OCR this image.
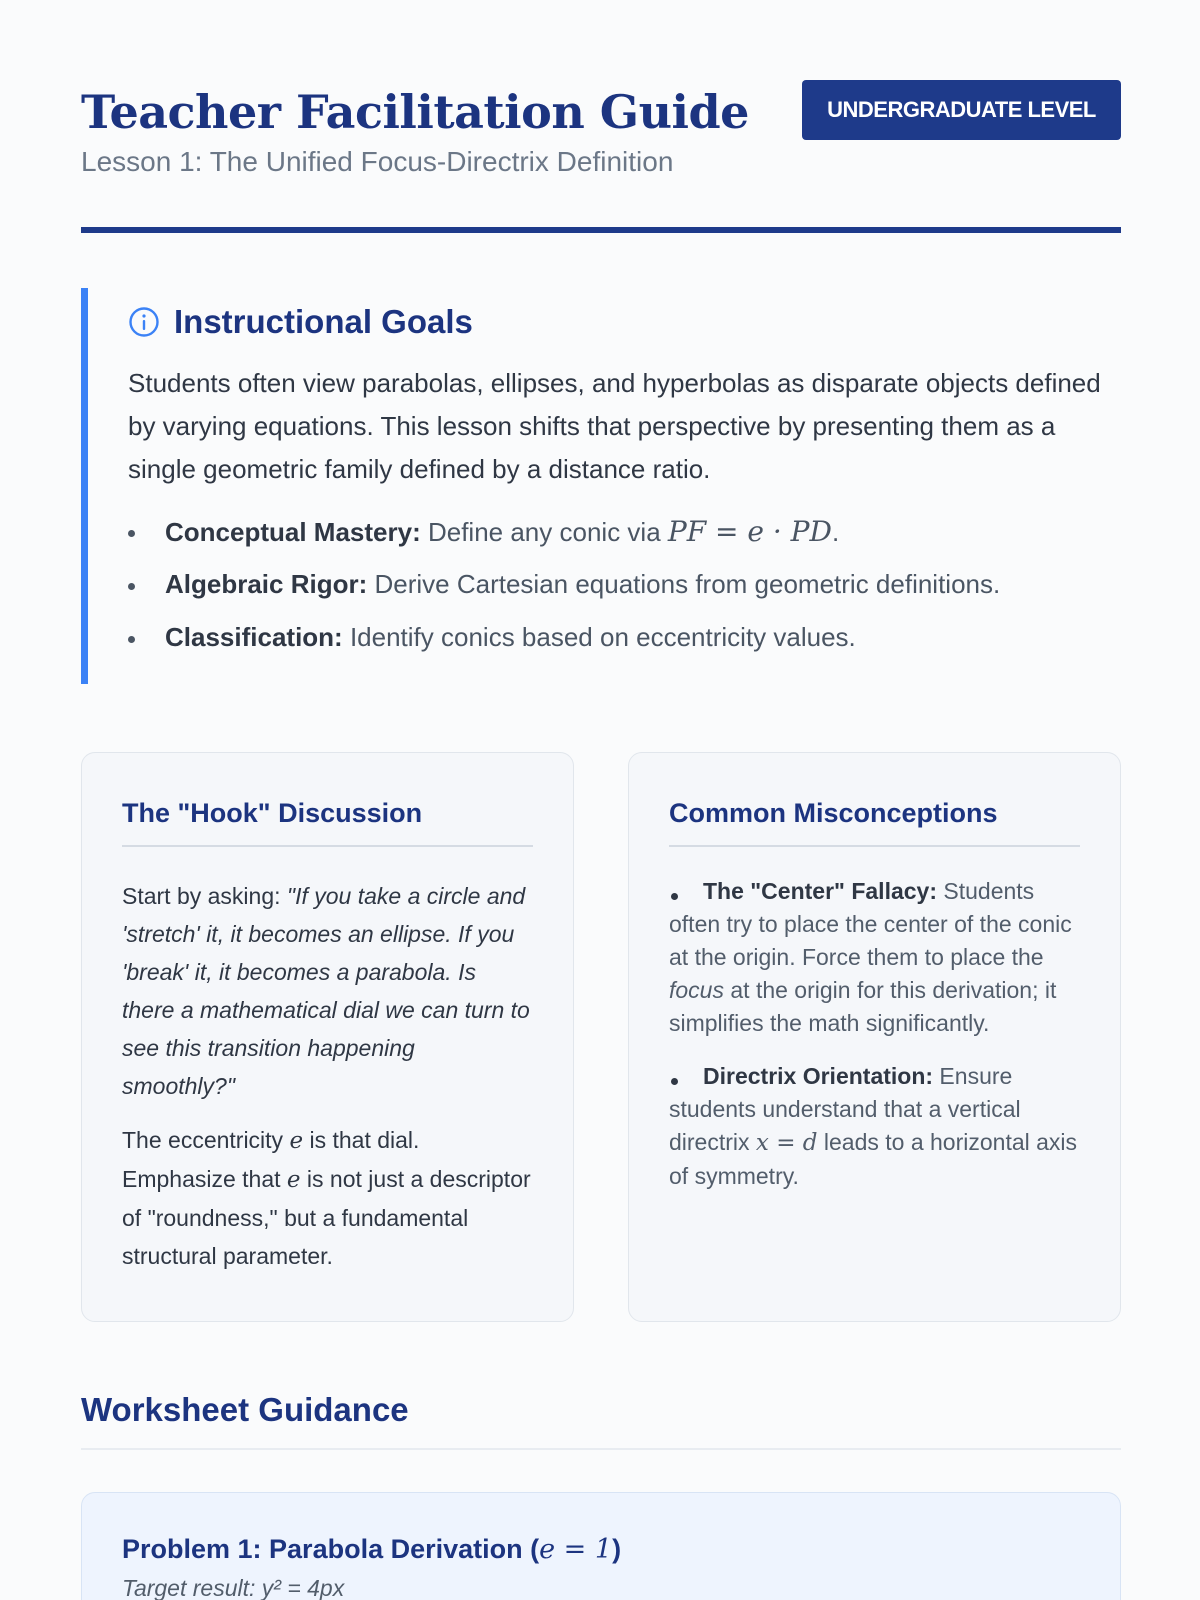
Teacher Facilitation Guide
Lesson 1: The Unified Focus-Directrix Definition
UNDERGRADUATE LEVEL
Instructional Goals

Students often view parabolas, ellipses, and hyperbolas as disparate objects defined by varying equations. This lesson shifts that perspective by presenting them as a single geometric family defined by a distance ratio.

Conceptual Mastery: Define any conic via PF = e · PD.
Algebraic Rigor: Derive Cartesian equations from geometric definitions.
Classification: Identify conics based on eccentricity values.
The "Hook" Discussion

Start by asking: "If you take a circle and 'stretch' it, it becomes an ellipse. If you 'break' it, it becomes a parabola. Is there a mathematical dial we can turn to see this transition happening smoothly?"

The eccentricity e is that dial. Emphasize that e is not just a descriptor of "roundness," but a fundamental structural parameter.

Common Misconceptions
The "Center" Fallacy: Students often try to place the center of the conic at the origin. Force them to place the focus at the origin for this derivation; it simplifies the math significantly.
Directrix Orientation: Ensure students understand that a vertical directrix x = d leads to a horizontal axis of symmetry.
Worksheet Guidance
Problem 1: Parabola Derivation (e = 1)
Target result: y² = 4px
